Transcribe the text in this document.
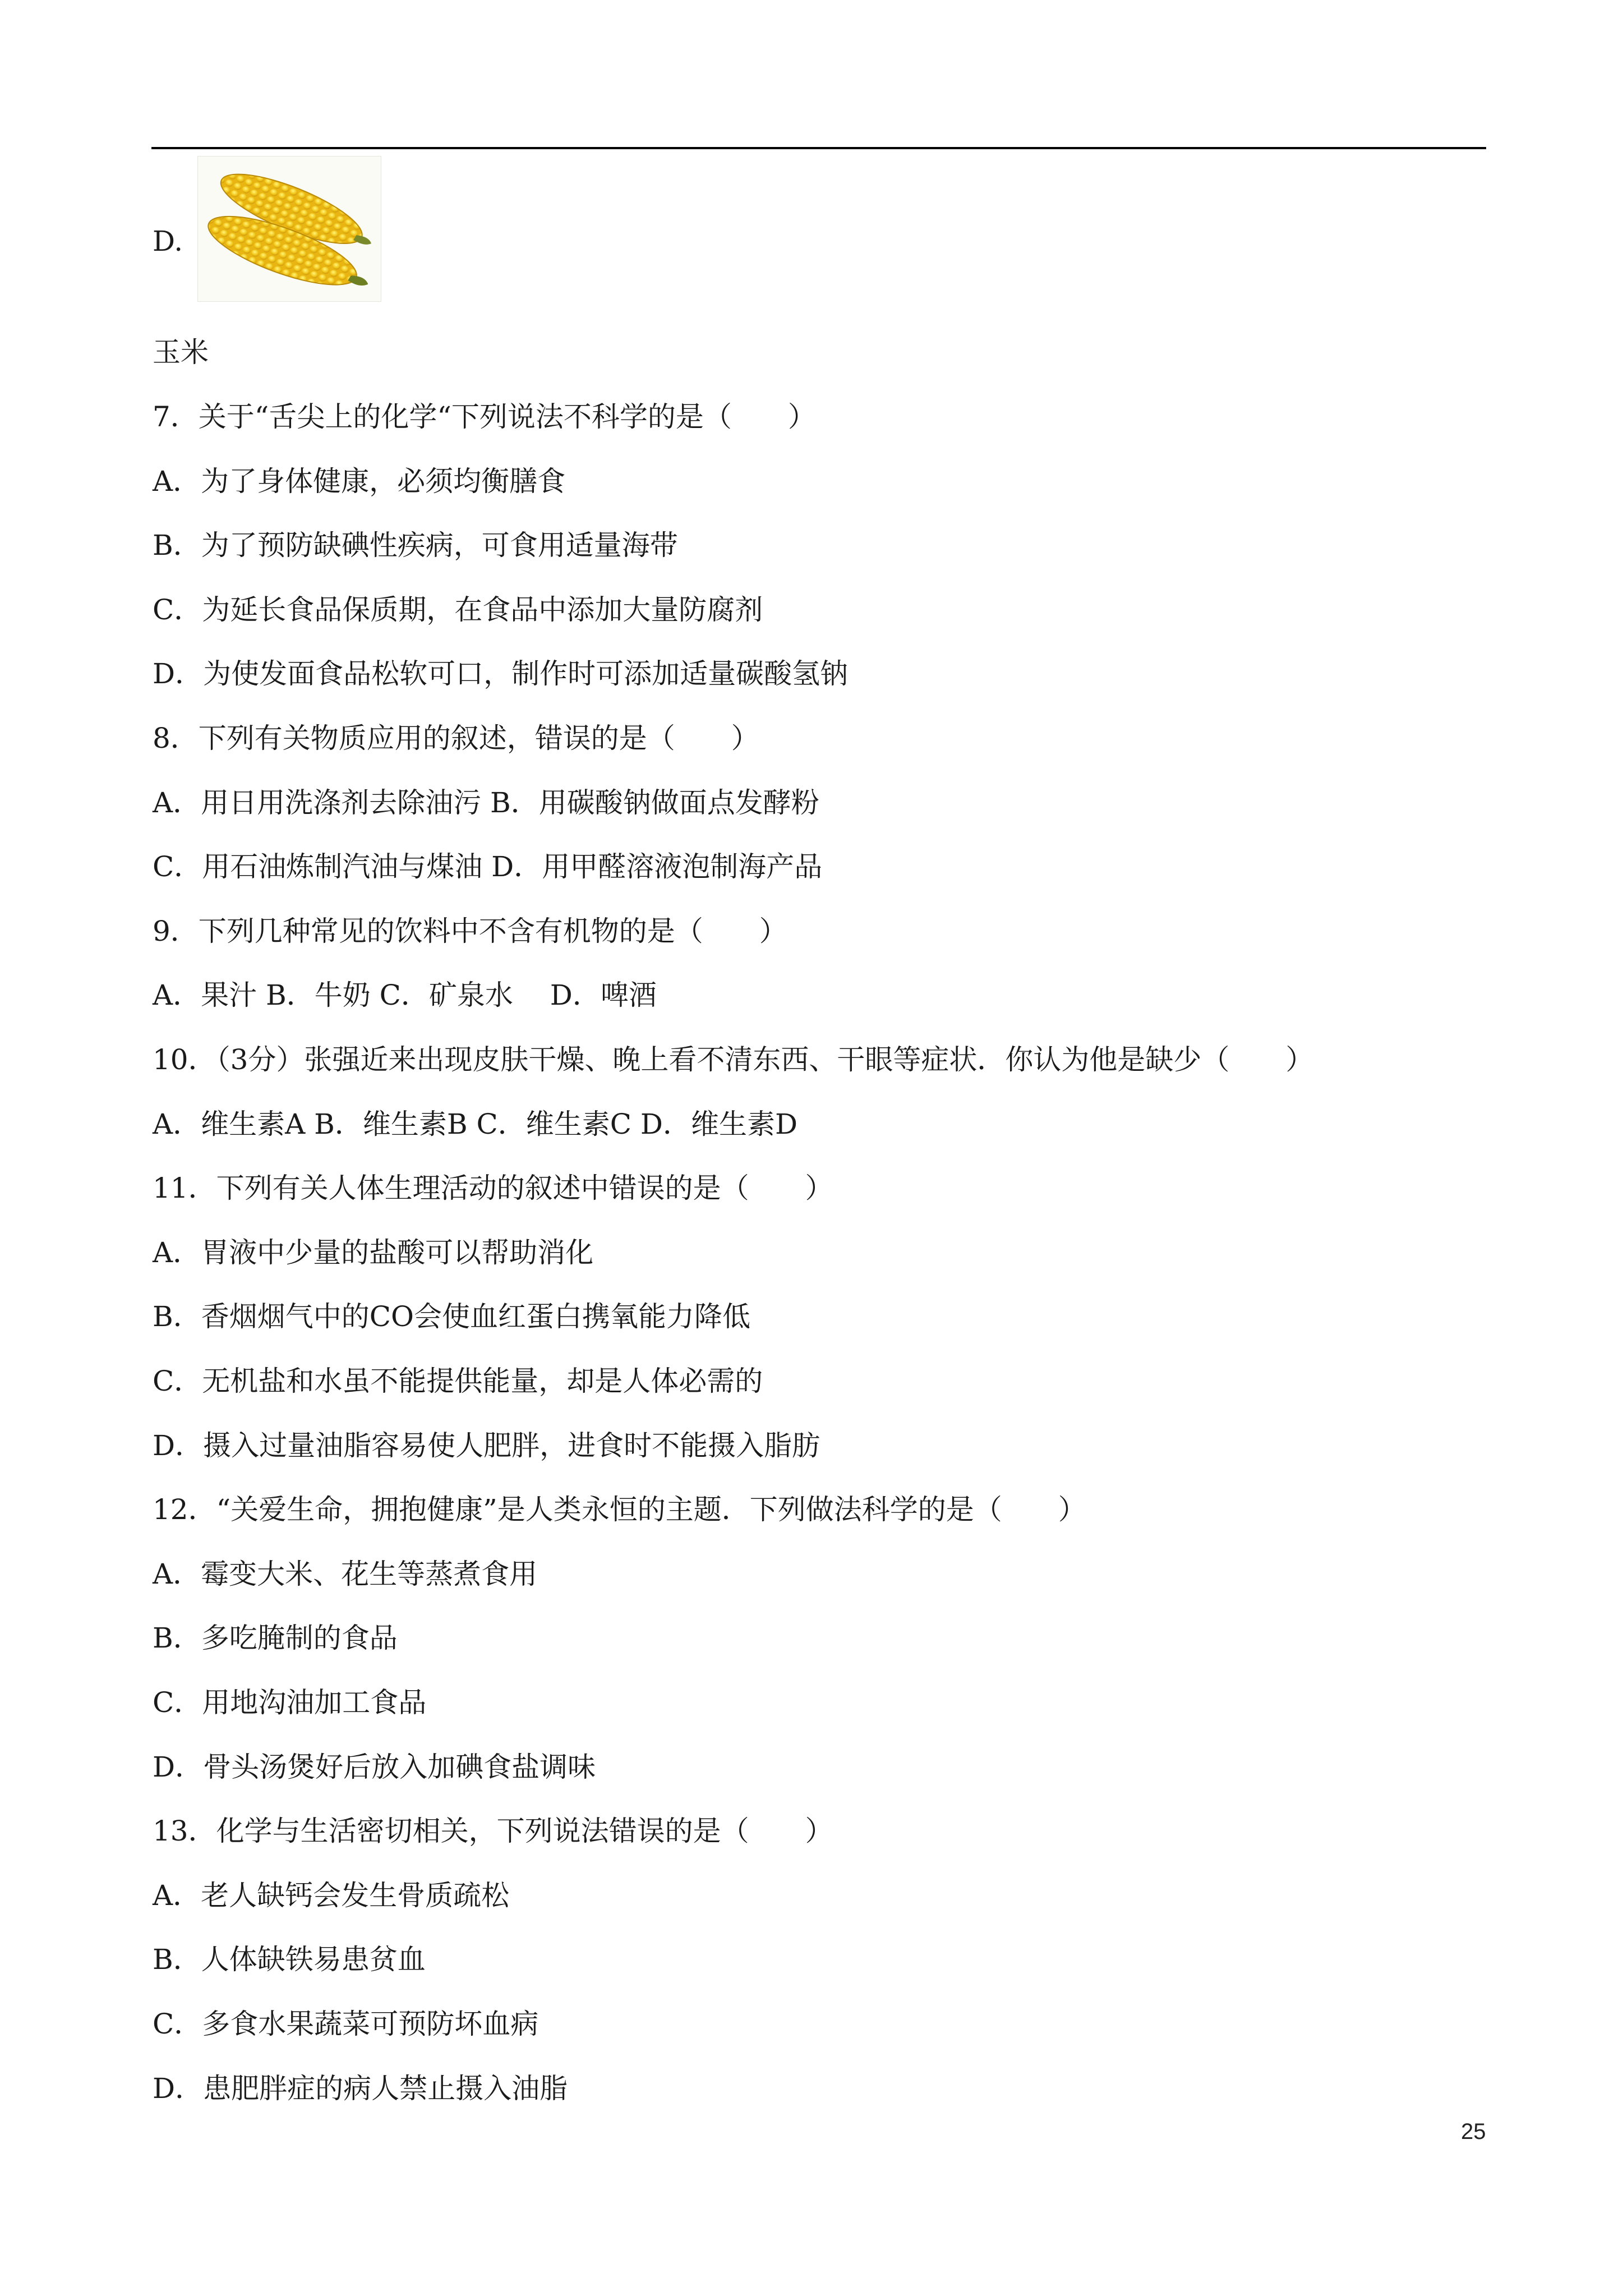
D.
7．关于“舌尖上的化学“下列说法不科学的是（　　）
A．为了身体健康，必须均衡膳食
B．为了预防缺碘性疾病，可食用适量海带
C．为延长食品保质期，在食品中添加大量防腐剂
D．为使发面食品松软可口，制作时可添加适量碳酸氢钠
8．下列有关物质应用的叙述，错误的是（　　）
A．用日用洗涤剂去除油污 B．用碳酸钠做面点发酵粉
C．用石油炼制汽油与煤油 D．用甲醛溶液泡制海产品
9．下列几种常见的饮料中不含有机物的是（　　）
A．果汁 B．牛奶 C．矿泉水　 D．啤酒
10．（3分）张强近来出现皮肤干燥、晚上看不清东西、干眼等症状．你认为他是缺少（　　）
A．维生素A B．维生素B C．维生素C D．维生素D
11．下列有关人体生理活动的叙述中错误的是（　　）
A．胃液中少量的盐酸可以帮助消化
B．香烟烟气中的CO会使血红蛋白携氧能力降低
C．无机盐和水虽不能提供能量，却是人体必需的
D．摄入过量油脂容易使人肥胖，进食时不能摄入脂肪
12．“关爱生命，拥抱健康”是人类永恒的主题．下列做法科学的是（　　）
A．霉变大米、花生等蒸煮食用
B．多吃腌制的食品
C．用地沟油加工食品
D．骨头汤煲好后放入加碘食盐调味
13．化学与生活密切相关，下列说法错误的是（　　）
A．老人缺钙会发生骨质疏松
B．人体缺铁易患贫血
C．多食水果蔬菜可预防坏血病
D．患肥胖症的病人禁止摄入油脂
玉米
25
